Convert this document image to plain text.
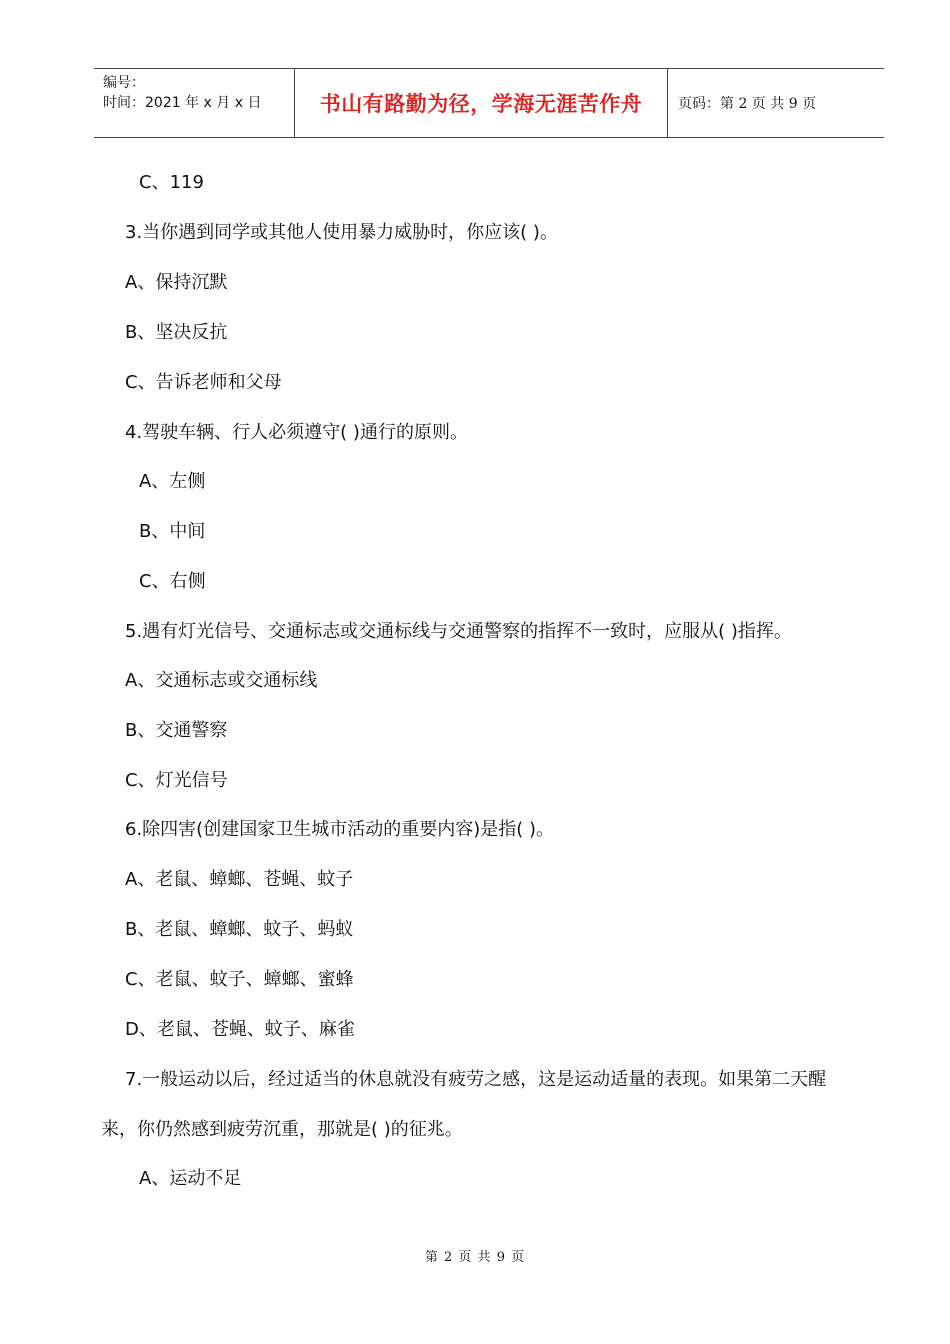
编号：
时间：2021 年 x 月 x 日	书山有路勤为径，学海无涯苦作舟	页码：第 2 页 共 9 页
C、119
3.当你遇到同学或其他人使用暴力威胁时，你应该( )。
A、保持沉默
B、坚决反抗
C、告诉老师和父母
4.驾驶车辆、行人必须遵守( )通行的原则。
A、左侧
B、中间
C、右侧
5.遇有灯光信号、交通标志或交通标线与交通警察的指挥不一致时，应服从( )指挥。
A、交通标志或交通标线
B、交通警察
C、灯光信号
6.除四害(创建国家卫生城市活动的重要内容)是指( )。
A、老鼠、蟑螂、苍蝇、蚊子
B、老鼠、蟑螂、蚊子、蚂蚁
C、老鼠、蚊子、蟑螂、蜜蜂
D、老鼠、苍蝇、蚊子、麻雀
7.一般运动以后，经过适当的休息就没有疲劳之感，这是运动适量的表现。如果第二天醒
来，你仍然感到疲劳沉重，那就是( )的征兆。
A、运动不足
第 2 页 共 9 页
